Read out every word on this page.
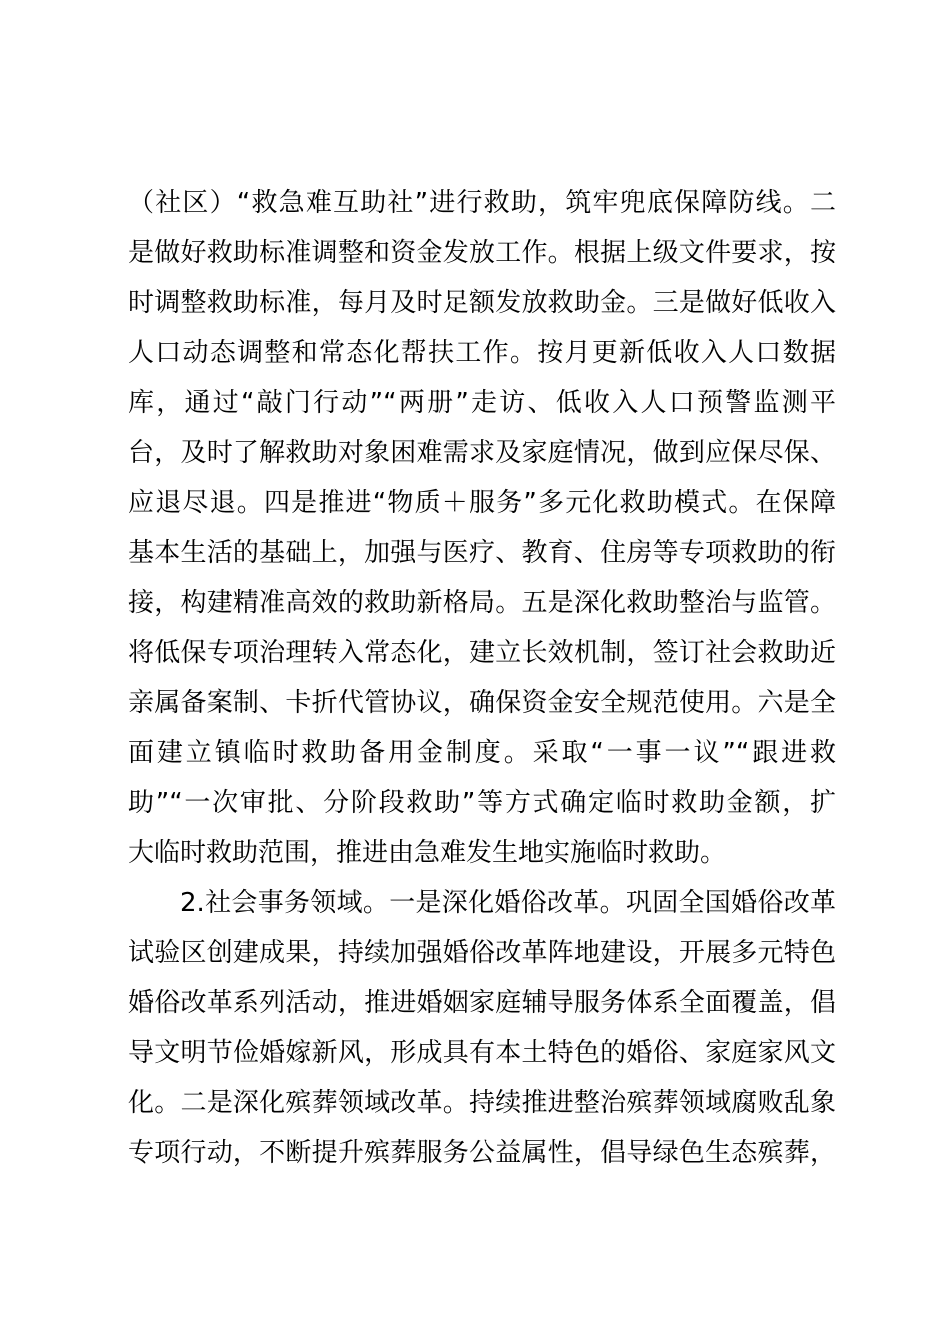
（社区）“救急难互助社”进行救助，筑牢兜底保障防线。二
是做好救助标准调整和资金发放工作。根据上级文件要求，按
时调整救助标准，每月及时足额发放救助金。三是做好低收入
人口动态调整和常态化帮扶工作。按月更新低收入人口数据
库，通过“敲门行动”“两册”走访、低收入人口预警监测平
台，及时了解救助对象困难需求及家庭情况，做到应保尽保、
应退尽退。四是推进“物质＋服务”多元化救助模式。在保障
基本生活的基础上，加强与医疗、教育、住房等专项救助的衔
接，构建精准高效的救助新格局。五是深化救助整治与监管。
将低保专项治理转入常态化，建立长效机制，签订社会救助近
亲属备案制、卡折代管协议，确保资金安全规范使用。六是全
面建立镇临时救助备用金制度。采取“一事一议”“跟进救
助”“一次审批、分阶段救助”等方式确定临时救助金额，扩
大临时救助范围，推进由急难发生地实施临时救助。
2.社会事务领域。一是深化婚俗改革。巩固全国婚俗改革
试验区创建成果，持续加强婚俗改革阵地建设，开展多元特色
婚俗改革系列活动，推进婚姻家庭辅导服务体系全面覆盖，倡
导文明节俭婚嫁新风，形成具有本土特色的婚俗、家庭家风文
化。二是深化殡葬领域改革。持续推进整治殡葬领域腐败乱象
专项行动，不断提升殡葬服务公益属性，倡导绿色生态殡葬，
